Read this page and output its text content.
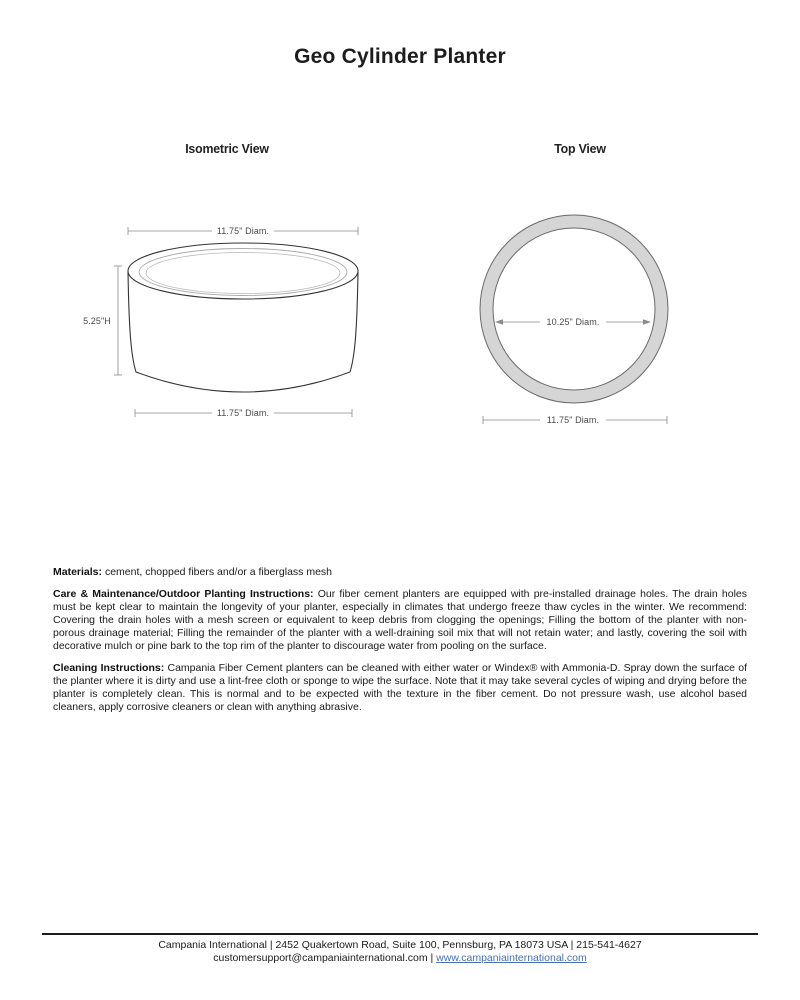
Geo Cylinder Planter
Isometric View	Top View
11.75" Diam.
5.25"H
11.75" Diam.
10.25" Diam.
11.75" Diam.

Materials: cement, chopped fibers and/or a fiberglass mesh

Care & Maintenance/Outdoor Planting Instructions: Our fiber cement planters are equipped with pre-installed drainage holes. The drain holes must be kept clear to maintain the longevity of your planter, especially in climates that undergo freeze thaw cycles in the winter. We recommend: Covering the drain holes with a mesh screen or equivalent to keep debris from clogging the openings; Filling the bottom of the planter with non-porous drainage material; Filling the remainder of the planter with a well-draining soil mix that will not retain water; and lastly, covering the soil with decorative mulch or pine bark to the top rim of the planter to discourage water from pooling on the surface.

Cleaning Instructions: Campania Fiber Cement planters can be cleaned with either water or Windex® with Ammonia-D. Spray down the surface of the planter where it is dirty and use a lint-free cloth or sponge to wipe the surface. Note that it may take several cycles of wiping and drying before the planter is completely clean. This is normal and to be expected with the texture in the fiber cement. Do not pressure wash, use alcohol based cleaners, apply corrosive cleaners or clean with anything abrasive.

Campania International | 2452 Quakertown Road, Suite 100, Pennsburg, PA 18073 USA | 215-541-4627
customersupport@campaniainternational.com | www.campaniainternational.com
